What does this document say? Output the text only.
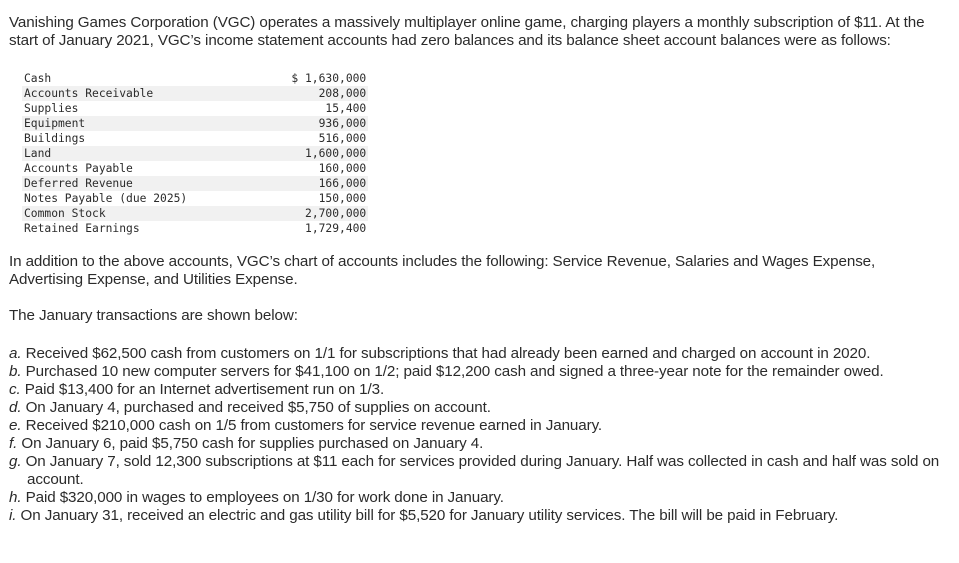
Vanishing Games Corporation (VGC) operates a massively multiplayer online game, charging players a monthly subscription of $11. At the start of January 2021, VGC’s income statement accounts had zero balances and its balance sheet account balances were as follows:

Cash		$ 1,630,000
Accounts Receivable		208,000
Supplies		15,400
Equipment		936,000
Buildings		516,000
Land		1,600,000
Accounts Payable		160,000
Deferred Revenue		166,000
Notes Payable (due 2025)		150,000
Common Stock		2,700,000
Retained Earnings		1,729,400

In addition to the above accounts, VGC’s chart of accounts includes the following: Service Revenue, Salaries and Wages Expense, Advertising Expense, and Utilities Expense.

The January transactions are shown below:

a. Received $62,500 cash from customers on 1/1 for subscriptions that had already been earned and charged on account in 2020.
b. Purchased 10 new computer servers for $41,100 on 1/2; paid $12,200 cash and signed a three-year note for the remainder owed.
c. Paid $13,400 for an Internet advertisement run on 1/3.
d. On January 4, purchased and received $5,750 of supplies on account.
e. Received $210,000 cash on 1/5 from customers for service revenue earned in January.
f. On January 6, paid $5,750 cash for supplies purchased on January 4.
g. On January 7, sold 12,300 subscriptions at $11 each for services provided during January. Half was collected in cash and half was sold on account.
h. Paid $320,000 in wages to employees on 1/30 for work done in January.
i. On January 31, received an electric and gas utility bill for $5,520 for January utility services. The bill will be paid in February.
